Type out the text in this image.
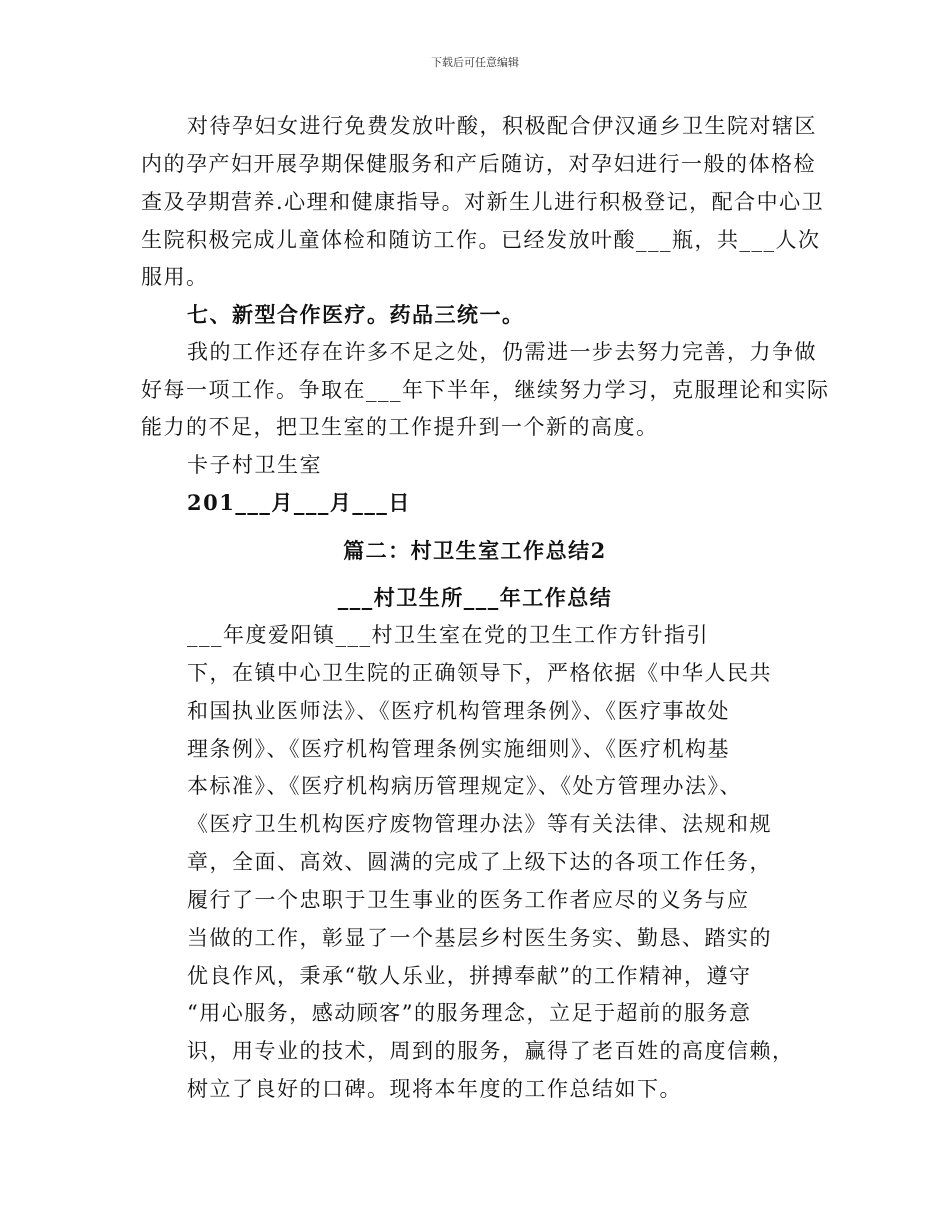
下载后可任意编辑
对待孕妇女进行免费发放叶酸，积极配合伊汉通乡卫生院对辖区
内的孕产妇开展孕期保健服务和产后随访，对孕妇进行一般的体格检
查及孕期营养.心理和健康指导。对新生儿进行积极登记，配合中心卫
生院积极完成儿童体检和随访工作。已经发放叶酸___瓶，共___人次
服用。
七、新型合作医疗。药品三统一。
我的工作还存在许多不足之处，仍需进一步去努力完善，力争做
好每一项工作。争取在___年下半年，继续努力学习，克服理论和实际
能力的不足，把卫生室的工作提升到一个新的高度。
卡子村卫生室
201___月___月___日
篇二：村卫生室工作总结2
___村卫生所___年工作总结
___年度爱阳镇___村卫生室在党的卫生工作方针指引
下，在镇中心卫生院的正确领导下，严格依据《中华人民共
和国执业医师法》、《医疗机构管理条例》、《医疗事故处
理条例》、《医疗机构管理条例实施细则》、《医疗机构基
本标准》、《医疗机构病历管理规定》、《处方管理办法》、
《医疗卫生机构医疗废物管理办法》等有关法律、法规和规
章，全面、高效、圆满的完成了上级下达的各项工作任务，
履行了一个忠职于卫生事业的医务工作者应尽的义务与应
当做的工作，彰显了一个基层乡村医生务实、勤恳、踏实的
优良作风，秉承“敬人乐业，拼搏奉献”的工作精神，遵守
“用心服务，感动顾客”的服务理念，立足于超前的服务意
识，用专业的技术，周到的服务，赢得了老百姓的高度信赖，
树立了良好的口碑。现将本年度的工作总结如下。
